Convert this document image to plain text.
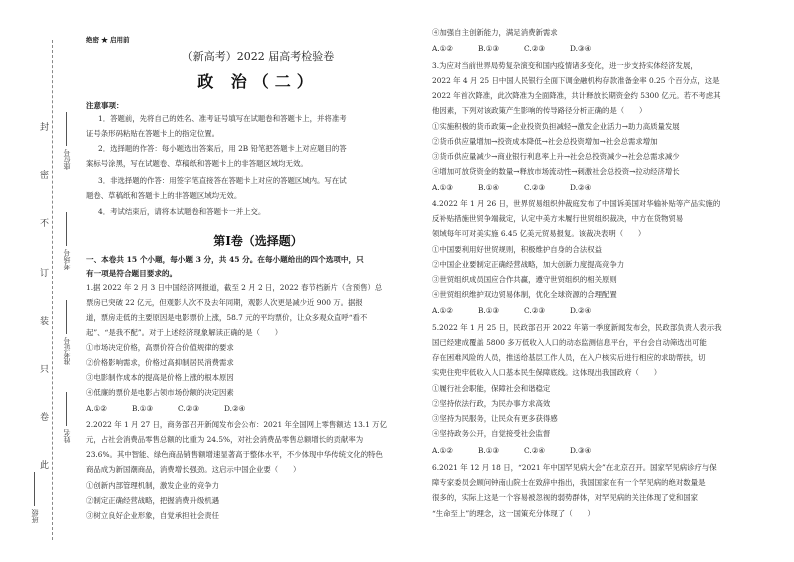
封
密
不
订
装
只
卷
此
座位号
考场号
准考证号
姓名
班级
绝密 ★ 启用前
（新高考）2022 届高考检验卷
政 治（二）
注意事项：
1．答题前，先将自己的姓名、准考证号填写在试题卷和答题卡上，并将准考
证号条形码粘贴在答题卡上的指定位置。
2．选择题的作答：每小题选出答案后，用 2B 铅笔把答题卡上对应题目的答
案标号涂黑，写在试题卷、草稿纸和答题卡上的非答题区域均无效。
3．非选择题的作答：用签字笔直接答在答题卡上对应的答题区域内。写在试
题卷、草稿纸和答题卡上的非答题区域均无效。
4．考试结束后，请将本试题卷和答题卡一并上交。
第Ⅰ卷（选择题）
一、本卷共 15 个小题，每小题 3 分，共 45 分。在每小题给出的四个选项中，只
有一项是符合题目要求的。
1.据 2022 年 2 月 3 日中国经济网报道，截至 2 月 2 日，2022 春节档新片（含预售）总
票房已突破 22 亿元，但观影人次不及去年同期，观影人次更是减少近 900 万。据报
道，票房走低的主要原因是电影票价上涨，58.7 元的平均票价，让众多观众直呼“看不
起”、“是我不配”。对于上述经济现象解读正确的是（　　）
①市场决定价格，高票价符合价值规律的要求
②价格影响需求，价格过高抑制居民消费需求
③电影制作成本的提高是价格上涨的根本原因
④低廉的票价是电影占领市场份额的决定因素
A.①②	B.①③	C.②③	D.②④
2.2022 年 1 月 27 日，商务部召开新闻发布会公布：2021 年全国网上零售额达 13.1 万亿
元，占社会消费品零售总额的比重为 24.5%，对社会消费品零售总额增长的贡献率为
23.6%。其中智能、绿色商品销售额增速显著高于整体水平，不少体现中华传统文化的特色
商品成为新国潮商品，消费增长强劲。这启示中国企业要（　　）
①创新内部管理机制，激发企业的竞争力
②制定正确经营战略，把握消费升级机遇
③树立良好企业形象，自觉承担社会责任
④加强自主创新能力，满足消费新需求
A.①②	B.①③	C.②③	D.③④
3.为应对当前世界局势复杂演变和国内疫情诸多变化，进一步支持实体经济发展，
2022 年 4 月 25 日中国人民银行全面下调金融机构存款准备金率 0.25 个百分点，这是
2022 年首次降准，此次降准为全面降准，共计释放长期资金约 5300 亿元。若不考虑其
他因素，下列对该政策产生影响的传导路径分析正确的是（　　）
①实施积极的货币政策→企业投资负担减轻→激发企业活力→助力高质量发展
②货币供应量增加→投资成本降低→社会总投资增加→社会总需求增加
③货币供应量减少→商业银行利息率上升→社会总投资减少→社会总需求减少
④增加可放贷资金的数量→释放市场流动性→刺激社会总投资→拉动经济增长
A.①③	B.①④	C.②③	D.②④
4.2022 年 1 月 26 日，世界贸易组织仲裁庭发布了中国诉美国对华输补贴等产品实施的
反补贴措施世贸争端裁定，认定中美方未履行世贸组织裁决，中方在货物贸易
领域每年可对美实施 6.45 亿美元贸易报复。该裁决表明（　　）
①中国要利用好世贸规则，积极维护自身的合法权益
②中国企业要制定正确经营战略，加大创新力度提高竞争力
③世贸组织成员国应合作共赢，遵守世贸组织的相关原则
④世贸组织维护双边贸易体制，优化全球资源的合理配置
A.①②	B.①③	C.②③	D.②④
5.2022 年 1 月 25 日，民政部召开 2022 年第一季度新闻发布会，民政部负责人表示我
国已经建成覆盖 5800 多万低收入人口的动态监测信息平台，平台会自动筛选出可能
存在困难风险的人员，推送给基层工作人员，在入户核实后进行相应的求助帮扶，切
实兜住兜牢低收入人口基本民生保障底线。这体现出我国政府（　　）
①履行社会职能，保障社会和谐稳定
②坚持依法行政，为民办事方求高效
③坚持为民服务，让民众有更多获得感
④坚持政务公开，自觉接受社会监督
A.①②	B.①③	C.②④	D.③④
6.2021 年 12 月 18 日，“2021 年中国罕见病大会”在北京召开。国家罕见病诊疗与保
障专家委员会顾问钟南山院士在致辞中指出，我国国家在有一个罕见病的绝对数量是
很多的，实际上这是一个容易被忽视的弱势群体，对罕见病的关注体现了党和国家
“生命至上”的理念，这一国策充分体现了（　　）
